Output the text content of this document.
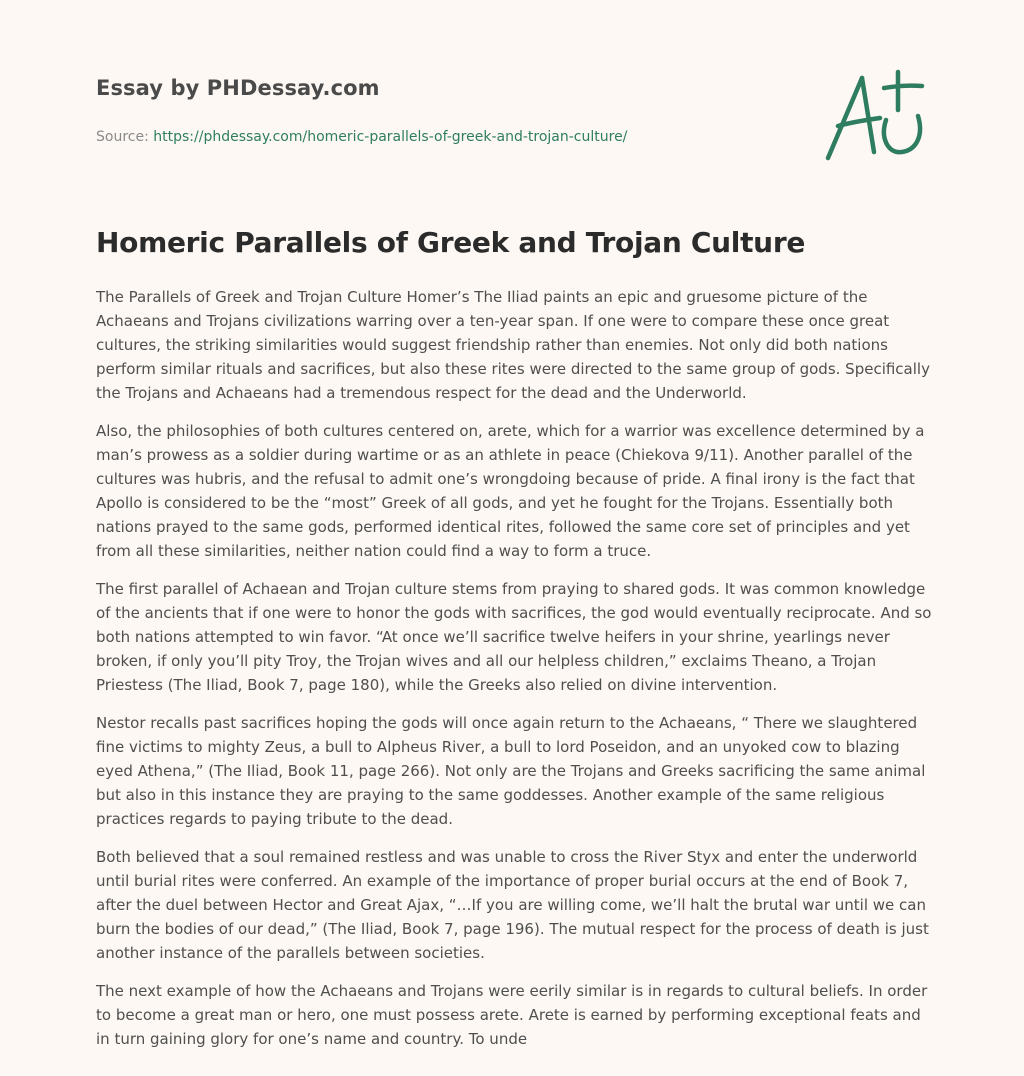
Essay by PHDessay.com
Source: https://phdessay.com/homeric-parallels-of-greek-and-trojan-culture/
Homeric Parallels of Greek and Trojan Culture

The Parallels of Greek and Trojan Culture Homer’s The Iliad paints an epic and gruesome picture of the Achaeans and Trojans civilizations warring over a ten-year span. If one were to compare these once great cultures, the striking similarities would suggest friendship rather than enemies. Not only did both nations perform similar rituals and sacrifices, but also these rites were directed to the same group of gods. Specifically the Trojans and Achaeans had a tremendous respect for the dead and the Underworld.

Also, the philosophies of both cultures centered on, arete, which for a warrior was excellence determined by a man’s prowess as a soldier during wartime or as an athlete in peace (Chiekova 9/11). Another parallel of the cultures was hubris, and the refusal to admit one’s wrongdoing because of pride. A final irony is the fact that Apollo is considered to be the “most” Greek of all gods, and yet he fought for the Trojans. Essentially both nations prayed to the same gods, performed identical rites, followed the same core set of principles and yet from all these similarities, neither nation could find a way to form a truce.

The first parallel of Achaean and Trojan culture stems from praying to shared gods. It was common knowledge of the ancients that if one were to honor the gods with sacrifices, the god would eventually reciprocate. And so both nations attempted to win favor. “At once we’ll sacrifice twelve heifers in your shrine, yearlings never broken, if only you’ll pity Troy, the Trojan wives and all our helpless children,” exclaims Theano, a Trojan Priestess (The Iliad, Book 7, page 180), while the Greeks also relied on divine intervention.

Nestor recalls past sacrifices hoping the gods will once again return to the Achaeans, “ There we slaughtered fine victims to mighty Zeus, a bull to Alpheus River, a bull to lord Poseidon, and an unyoked cow to blazing eyed Athena,” (The Iliad, Book 11, page 266). Not only are the Trojans and Greeks sacrificing the same animal but also in this instance they are praying to the same goddesses. Another example of the same religious practices regards to paying tribute to the dead.

Both believed that a soul remained restless and was unable to cross the River Styx and enter the underworld until burial rites were conferred. An example of the importance of proper burial occurs at the end of Book 7, after the duel between Hector and Great Ajax, “…If you are willing come, we’ll halt the brutal war until we can burn the bodies of our dead,” (The Iliad, Book 7, page 196). The mutual respect for the process of death is just another instance of the parallels between societies.

The next example of how the Achaeans and Trojans were eerily similar is in regards to cultural beliefs. In order to become a great man or hero, one must possess arete. Arete is earned by performing exceptional feats and in turn gaining glory for one’s name and country. To unde
